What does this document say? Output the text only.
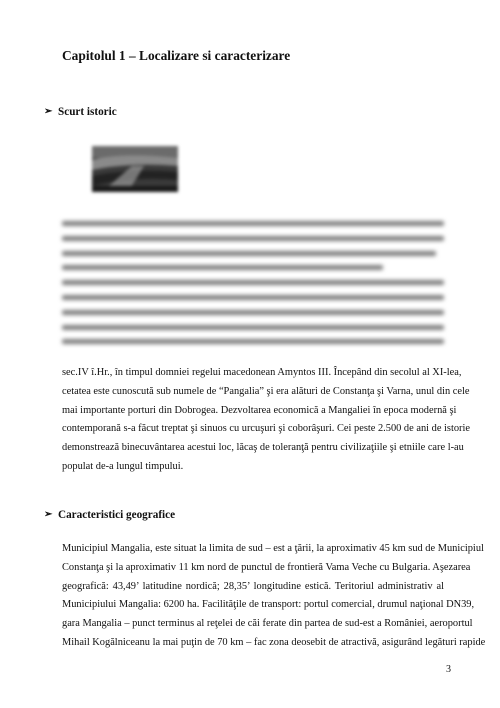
Capitolul 1 – Localizare si caracterizare
➢ Scurt istoric
sec.IV î.Hr., în timpul domniei regelui macedonean Amyntos III. Începând din secolul al XI-lea,
cetatea este cunoscută sub numele de “Pangalia” şi era alături de Constanţa şi Varna, unul din cele
mai importante porturi din Dobrogea. Dezvoltarea economică a Mangaliei în epoca modernă şi
contemporană s-a făcut treptat şi sinuos cu urcuşuri şi coborâşuri. Cei peste 2.500 de ani de istorie
demonstrează binecuvântarea acestui loc, lăcaş de toleranţă pentru civilizaţiile şi etniile care l-au
populat de-a lungul timpului.
➢ Caracteristici geografice
Municipiul Mangalia, este situat la limita de sud – est a ţării, la aproximativ 45 km sud de Municipiul
Constanţa şi la aproximativ 11 km nord de punctul de frontieră Vama Veche cu Bulgaria. Aşezarea
geografică: 43,49’ latitudine nordică; 28,35’ longitudine estică. Teritoriul administrativ al
Municipiului Mangalia: 6200 ha. Facilităţile de transport: portul comercial, drumul naţional DN39,
gara Mangalia – punct terminus al reţelei de căi ferate din partea de sud-est a României, aeroportul
Mihail Kogălniceanu la mai puţin de 70 km – fac zona deosebit de atractivă, asigurând legături rapide
3
